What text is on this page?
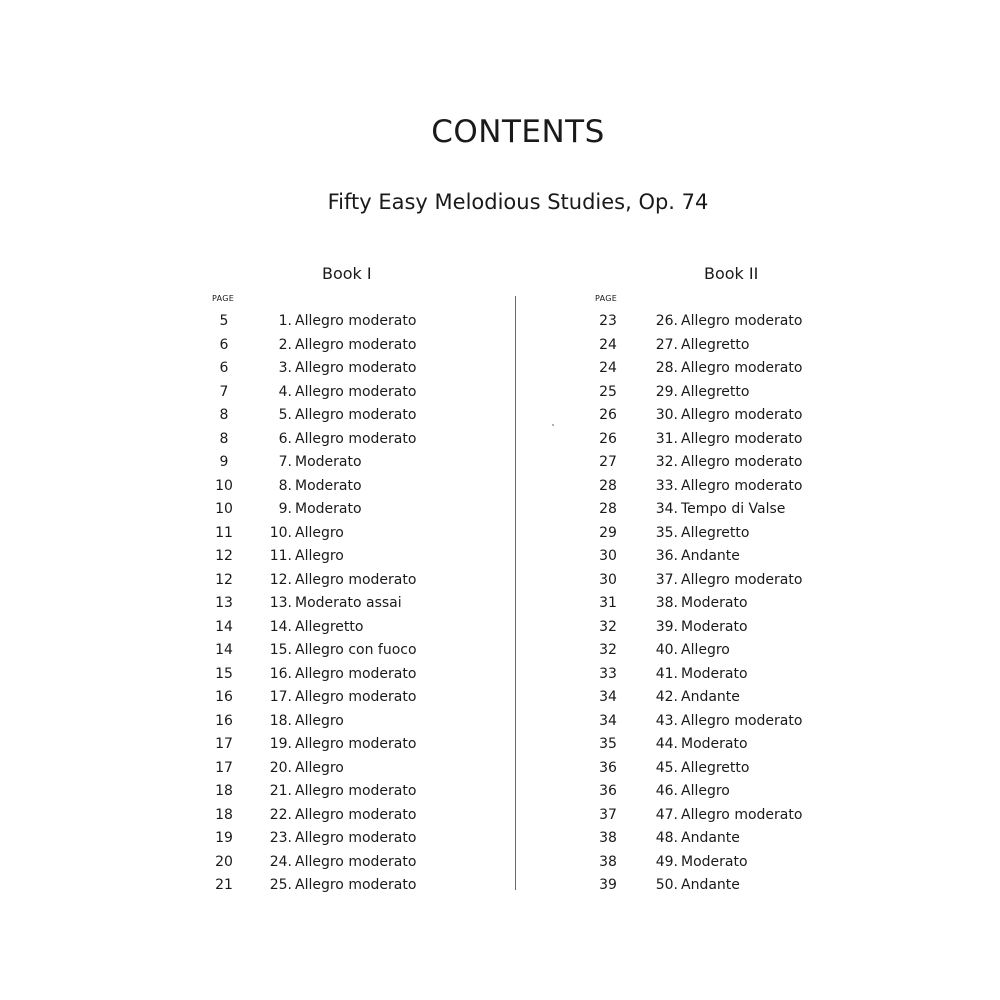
CONTENTS
Fifty Easy Melodious Studies, Op. 74
Book I
PAGE
5	1. Allegro moderato
6	2. Allegro moderato
6	3. Allegro moderato
7	4. Allegro moderato
8	5. Allegro moderato
8	6. Allegro moderato
9	7. Moderato
10	8. Moderato
10	9. Moderato
11	10. Allegro
12	11. Allegro
12	12. Allegro moderato
13	13. Moderato assai
14	14. Allegretto
14	15. Allegro con fuoco
15	16. Allegro moderato
16	17. Allegro moderato
16	18. Allegro
17	19. Allegro moderato
17	20. Allegro
18	21. Allegro moderato
18	22. Allegro moderato
19	23. Allegro moderato
20	24. Allegro moderato
21	25. Allegro moderato
Book II
PAGE
23	26. Allegro moderato
24	27. Allegretto
24	28. Allegro moderato
25	29. Allegretto
26	30. Allegro moderato
26	31. Allegro moderato
27	32. Allegro moderato
28	33. Allegro moderato
28	34. Tempo di Valse
29	35. Allegretto
30	36. Andante
30	37. Allegro moderato
31	38. Moderato
32	39. Moderato
32	40. Allegro
33	41. Moderato
34	42. Andante
34	43. Allegro moderato
35	44. Moderato
36	45. Allegretto
36	46. Allegro
37	47. Allegro moderato
38	48. Andante
38	49. Moderato
39	50. Andante
